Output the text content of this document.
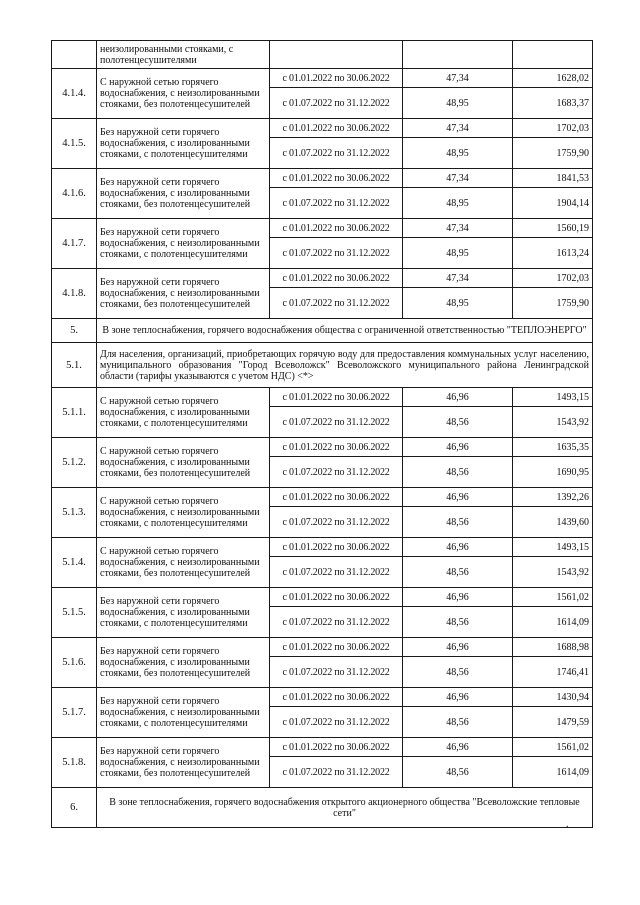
	неизолированными стояками, с полотенцесушителями			
4.1.4.	С наружной сетью горячего водоснабжения, с неизолированными стояками, без полотенцесушителей	с 01.01.2022 по 30.06.2022	47,34	1628,02
		с 01.07.2022 по 31.12.2022	48,95	1683,37
4.1.5.	Без наружной сети горячего водоснабжения, с изолированными стояками, с полотенцесушителями	с 01.01.2022 по 30.06.2022	47,34	1702,03
		с 01.07.2022 по 31.12.2022	48,95	1759,90
4.1.6.	Без наружной сети горячего водоснабжения, с изолированными стояками, без полотенцесушителей	с 01.01.2022 по 30.06.2022	47,34	1841,53
		с 01.07.2022 по 31.12.2022	48,95	1904,14
4.1.7.	Без наружной сети горячего водоснабжения, с неизолированными стояками, с полотенцесушителями	с 01.01.2022 по 30.06.2022	47,34	1560,19
		с 01.07.2022 по 31.12.2022	48,95	1613,24
4.1.8.	Без наружной сети горячего водоснабжения, с неизолированными стояками, без полотенцесушителей	с 01.01.2022 по 30.06.2022	47,34	1702,03
		с 01.07.2022 по 31.12.2022	48,95	1759,90
5.	В зоне теплоснабжения, горячего водоснабжения общества с ограниченной ответственностью "ТЕПЛОЭНЕРГО"			
5.1.	Для населения, организаций, приобретающих горячую воду для предоставления коммунальных услуг населению, муниципального образования "Город Всеволожск" Всеволожского муниципального района Ленинградской области (тарифы указываются с учетом НДС) <*>			
5.1.1.	С наружной сетью горячего водоснабжения, с изолированными стояками, с полотенцесушителями	с 01.01.2022 по 30.06.2022	46,96	1493,15
		с 01.07.2022 по 31.12.2022	48,56	1543,92
5.1.2.	С наружной сетью горячего водоснабжения, с изолированными стояками, без полотенцесушителей	с 01.01.2022 по 30.06.2022	46,96	1635,35
		с 01.07.2022 по 31.12.2022	48,56	1690,95
5.1.3.	С наружной сетью горячего водоснабжения, с неизолированными стояками, с полотенцесушителями	с 01.01.2022 по 30.06.2022	46,96	1392,26
		с 01.07.2022 по 31.12.2022	48,56	1439,60
5.1.4.	С наружной сетью горячего водоснабжения, с неизолированными стояками, без полотенцесушителей	с 01.01.2022 по 30.06.2022	46,96	1493,15
		с 01.07.2022 по 31.12.2022	48,56	1543,92
5.1.5.	Без наружной сети горячего водоснабжения, с изолированными стояками, с полотенцесушителями	с 01.01.2022 по 30.06.2022	46,96	1561,02
		с 01.07.2022 по 31.12.2022	48,56	1614,09
5.1.6.	Без наружной сети горячего водоснабжения, с изолированными стояками, без полотенцесушителей	с 01.01.2022 по 30.06.2022	46,96	1688,98
		с 01.07.2022 по 31.12.2022	48,56	1746,41
5.1.7.	Без наружной сети горячего водоснабжения, с неизолированными стояками, с полотенцесушителями	с 01.01.2022 по 30.06.2022	46,96	1430,94
		с 01.07.2022 по 31.12.2022	48,56	1479,59
5.1.8.	Без наружной сети горячего водоснабжения, с неизолированными стояками, без полотенцесушителей	с 01.01.2022 по 30.06.2022	46,96	1561,02
		с 01.07.2022 по 31.12.2022	48,56	1614,09
6.	В зоне теплоснабжения, горячего водоснабжения открытого акционерного общества "Всеволожские тепловые сети"			
.
